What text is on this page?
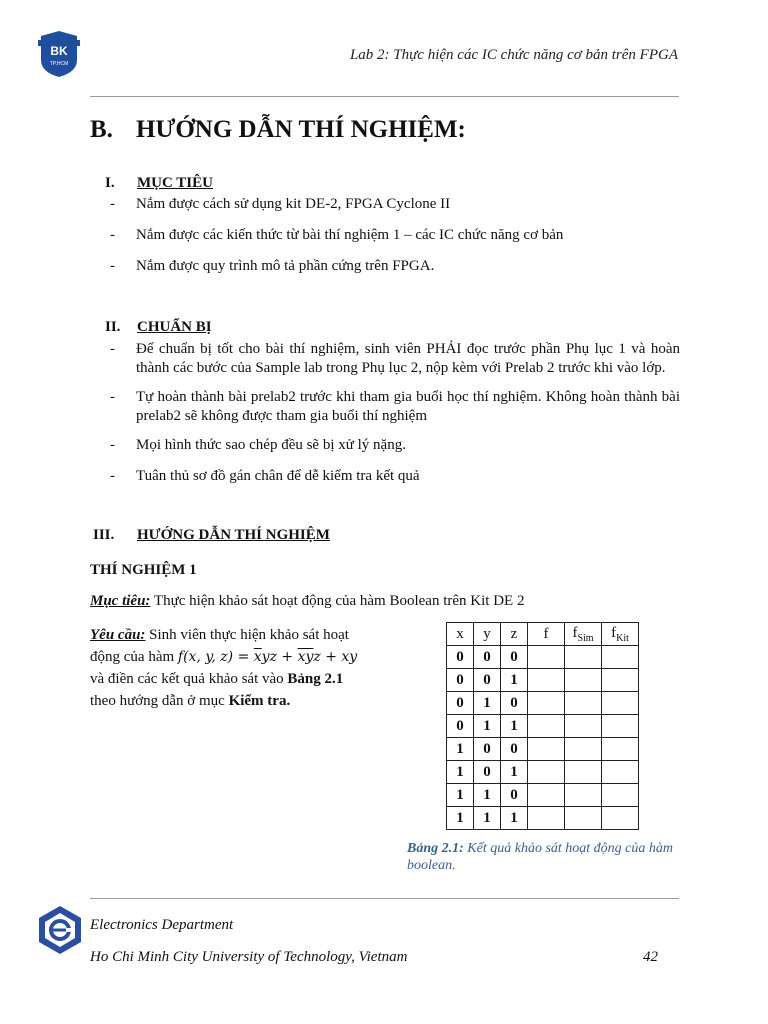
BK
TP.HCM
Lab 2: Thực hiện các IC chức năng cơ bản trên FPGA
B. HƯỚNG DẪN THÍ NGHIỆM:
I. MỤC TIÊU
- Nắm được cách sử dụng kit DE-2, FPGA Cyclone II
- Nắm được các kiến thức từ bài thí nghiệm 1 – các IC chức năng cơ bản
- Nắm được quy trình mô tả phần cứng trên FPGA.
II. CHUẨN BỊ
- Để chuẩn bị tốt cho bài thí nghiệm, sinh viên PHẢI đọc trước phần Phụ lục 1 và hoàn thành các bước của Sample lab trong Phụ lục 2, nộp kèm với Prelab 2 trước khi vào lớp.
- Tự hoàn thành bài prelab2 trước khi tham gia buổi học thí nghiệm. Không hoàn thành bài prelab2 sẽ không được tham gia buổi thí nghiệm
- Mọi hình thức sao chép đều sẽ bị xử lý nặng.
- Tuân thủ sơ đồ gán chân để dễ kiểm tra kết quả
III. HƯỚNG DẪN THÍ NGHIỆM
THÍ NGHIỆM 1
Mục tiêu: Thực hiện khảo sát hoạt động của hàm Boolean trên Kit DE 2
Yêu cầu: Sinh viên thực hiện khảo sát hoạt động của hàm f(x, y, $z) = \overline{x}yz + \overline{xy}z$ + xy và điền các kết quả khảo sát vào Bảng 2.1 theo hướng dẫn ở mục Kiểm tra.
x	y	z	f	$f_{Sim}$	$f_{Kit}$
0	0	0			
0	0	1			
0	1	0			
0	1	1			
1	0	0			
1	0	1			
1	1	0			
1	1	1			
Bảng 2.1: Kết quả khảo sát hoạt động của hàm boolean.
Electronics Department
Ho Chi Minh City University of Technology, Vietnam	42
